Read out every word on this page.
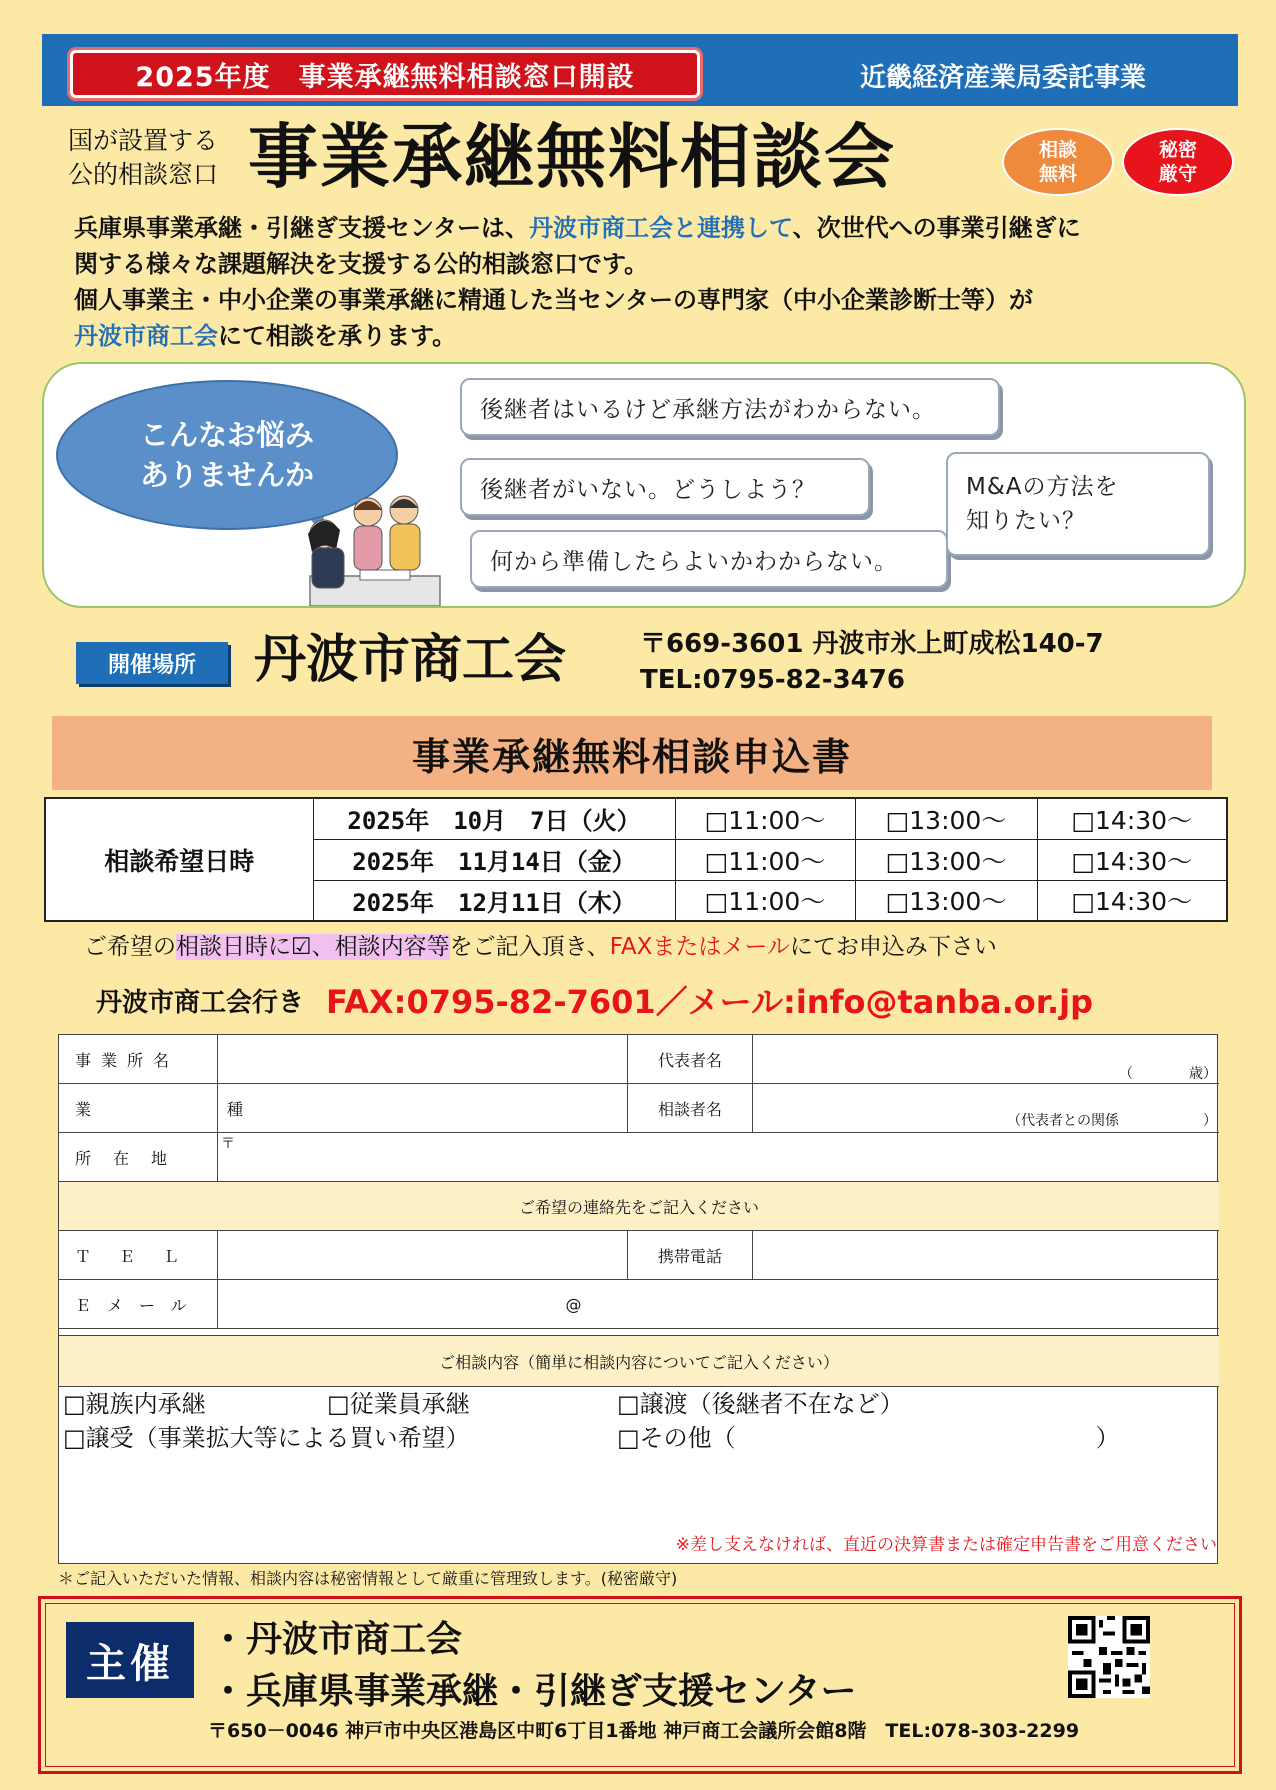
2025年度　事業承継無料相談窓口開設	近畿経済産業局委託事業
国が設置する
公的相談窓口 事業承継無料相談会	相談
無料
秘密
厳守

兵庫県事業承継・引継ぎ支援センターは、丹波市商工会と連携して、次世代への事業引継ぎに

関する様々な課題解決を支援する公的相談窓口です。

個人事業主・中小企業の事業承継に精通した当センターの専門家（中小企業診断士等）が

丹波市商工会にて相談を承ります。

こんなお悩み
ありませんか
後継者はいるけど承継方法がわからない。
後継者がいない。どうしよう？
何から準備したらよいかわからない。
M&Aの方法を
知りたい？
開催場所	丹波市商工会	〒669-3601 丹波市氷上町成松140-7
TEL:0795-82-3476
事業承継無料相談申込書
相談希望日時	2025年　10月　7日（火）	□11:00～	□13:00～	□14:30～
	2025年　11月14日（金）	□11:00～	□13:00～	□14:30～
	2025年　12月11日（木）	□11:00～	□13:00～	□14:30～
ご希望の相談日時に☑、相談内容等をご記入頂き、FAXまたはメールにてお申込み下さい
丹波市商工会行き FAX:0795-82-7601／メール:info@tanba.or.jp
事業所名	代表者名
（　　　　歳）
業　種	相談者名
（代表者との関係　　　　　　）
所在地
〒
ご希望の連絡先をご記入ください
ＴＥＬ	携帯電話
Ｅメール	@
ご相談内容（簡単に相談内容についてご記入ください）
□親族内承継	□従業員承継	□譲渡（後継者不在など）
□譲受（事業拡大等による買い希望）	□その他（　　　　　　　　　　　　　　　）
※差し支えなければ、直近の決算書または確定申告書をご用意ください
＊ご記入いただいた情報、相談内容は秘密情報として厳重に管理致します。(秘密厳守)
主催
・丹波市商工会
・兵庫県事業承継・引継ぎ支援センター
〒650－0046 神戸市中央区港島区中町6丁目1番地 神戸商工会議所会館8階　TEL:078-303-2299
